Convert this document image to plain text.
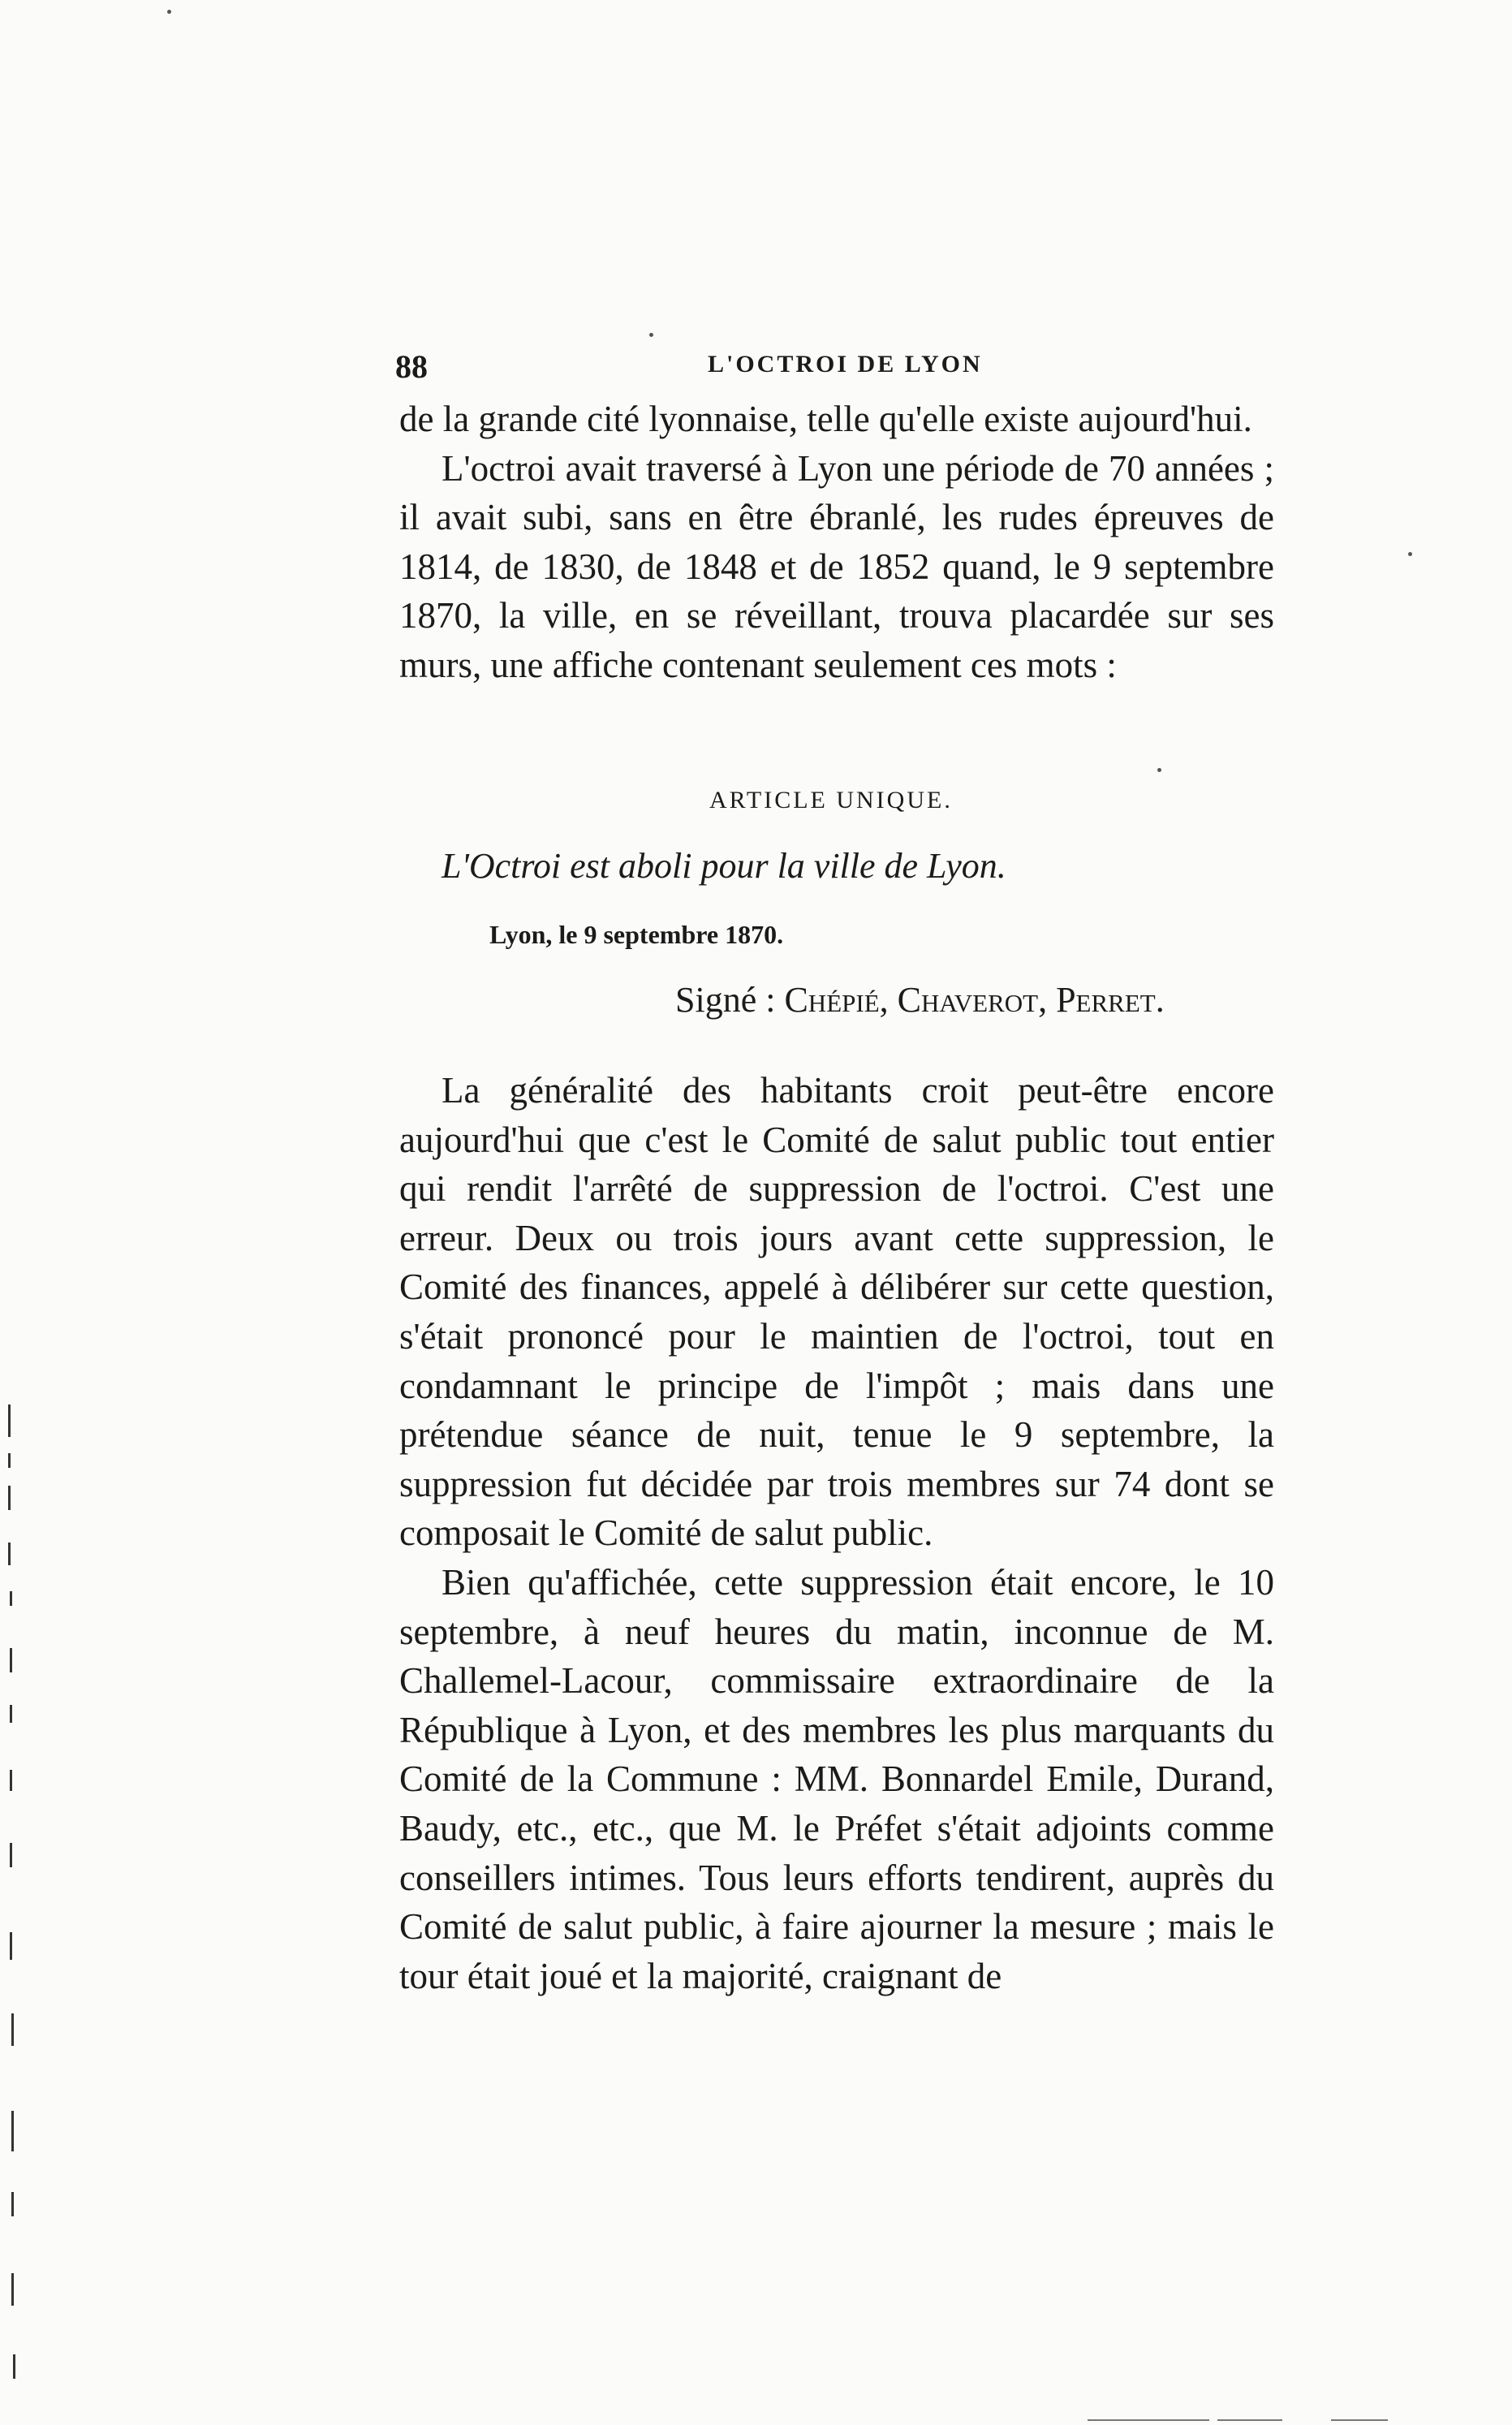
88	L'OCTROI DE LYON

de la grande cité lyonnaise, telle qu'elle existe aujourd'hui.

L'octroi avait traversé à Lyon une période de 70 années ; il avait subi, sans en être ébranlé, les rudes épreuves de 1814, de 1830, de 1848 et de 1852 quand, le 9 septembre 1870, la ville, en se réveillant, trouva placardée sur ses murs, une affiche contenant seulement ces mots :

ARTICLE UNIQUE.
L'Octroi est aboli pour la ville de Lyon.
Lyon, le 9 septembre 1870.
Signé : Chépié, Chaverot, Perret.

La généralité des habitants croit peut-être encore aujourd'hui que c'est le Comité de salut public tout entier qui rendit l'arrêté de suppression de l'octroi. C'est une erreur. Deux ou trois jours avant cette suppression, le Comité des finances, appelé à délibérer sur cette question, s'était prononcé pour le maintien de l'octroi, tout en condamnant le principe de l'impôt ; mais dans une prétendue séance de nuit, tenue le 9 septembre, la suppression fut décidée par trois membres sur 74 dont se composait le Comité de salut public.

Bien qu'affichée, cette suppression était encore, le 10 septembre, à neuf heures du matin, inconnue de M. Challemel-Lacour, commissaire extraordinaire de la République à Lyon, et des membres les plus marquants du Comité de la Commune : MM. Bonnardel Emile, Durand, Baudy, etc., etc., que M. le Préfet s'était adjoints comme conseillers intimes. Tous leurs efforts tendirent, auprès du Comité de salut public, à faire ajourner la mesure ; mais le tour était joué et la majorité, craignant de
